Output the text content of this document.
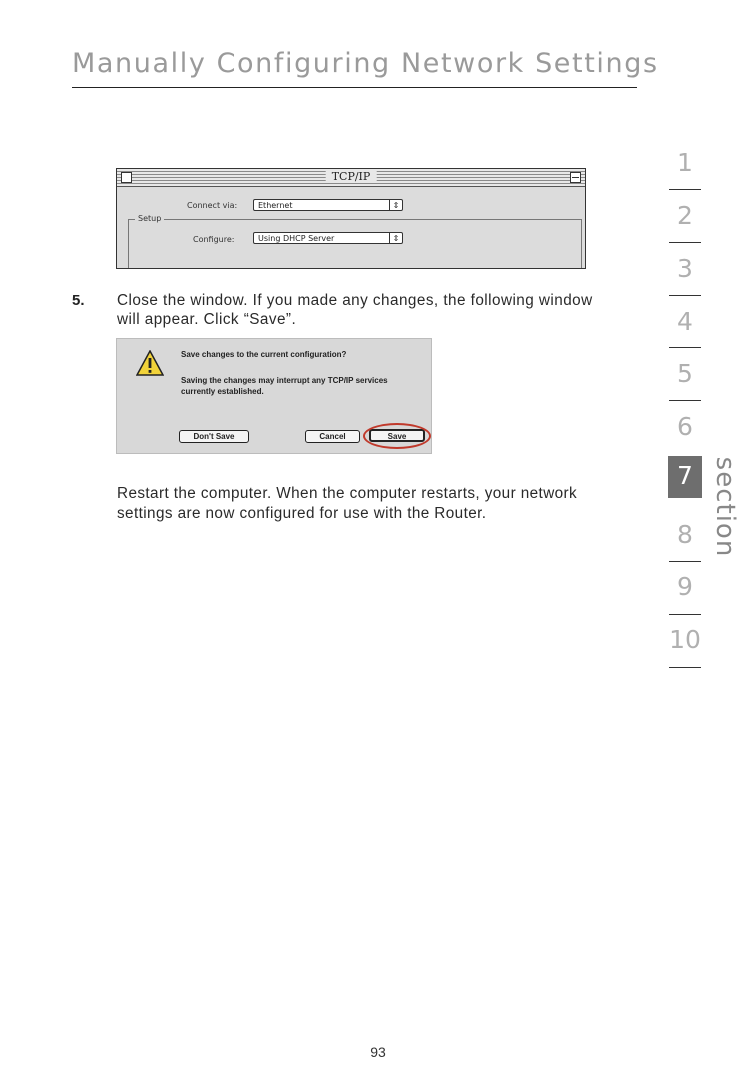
Manually Configuring Network Settings
TCP/IP
Connect via:	Ethernet	⇕
Setup
Configure:	Using DHCP Server	⇕
5. Close the window. If you made any changes, the following window will appear. Click “Save”.
Save changes to the current configuration?
Saving the changes may interrupt any TCP/IP services currently established.
Don't Save	Cancel	Save
Restart the computer. When the computer restarts, your network settings are now configured for use with the Router.
1
2
3
4
5
6
7
8
9
10
section
93
